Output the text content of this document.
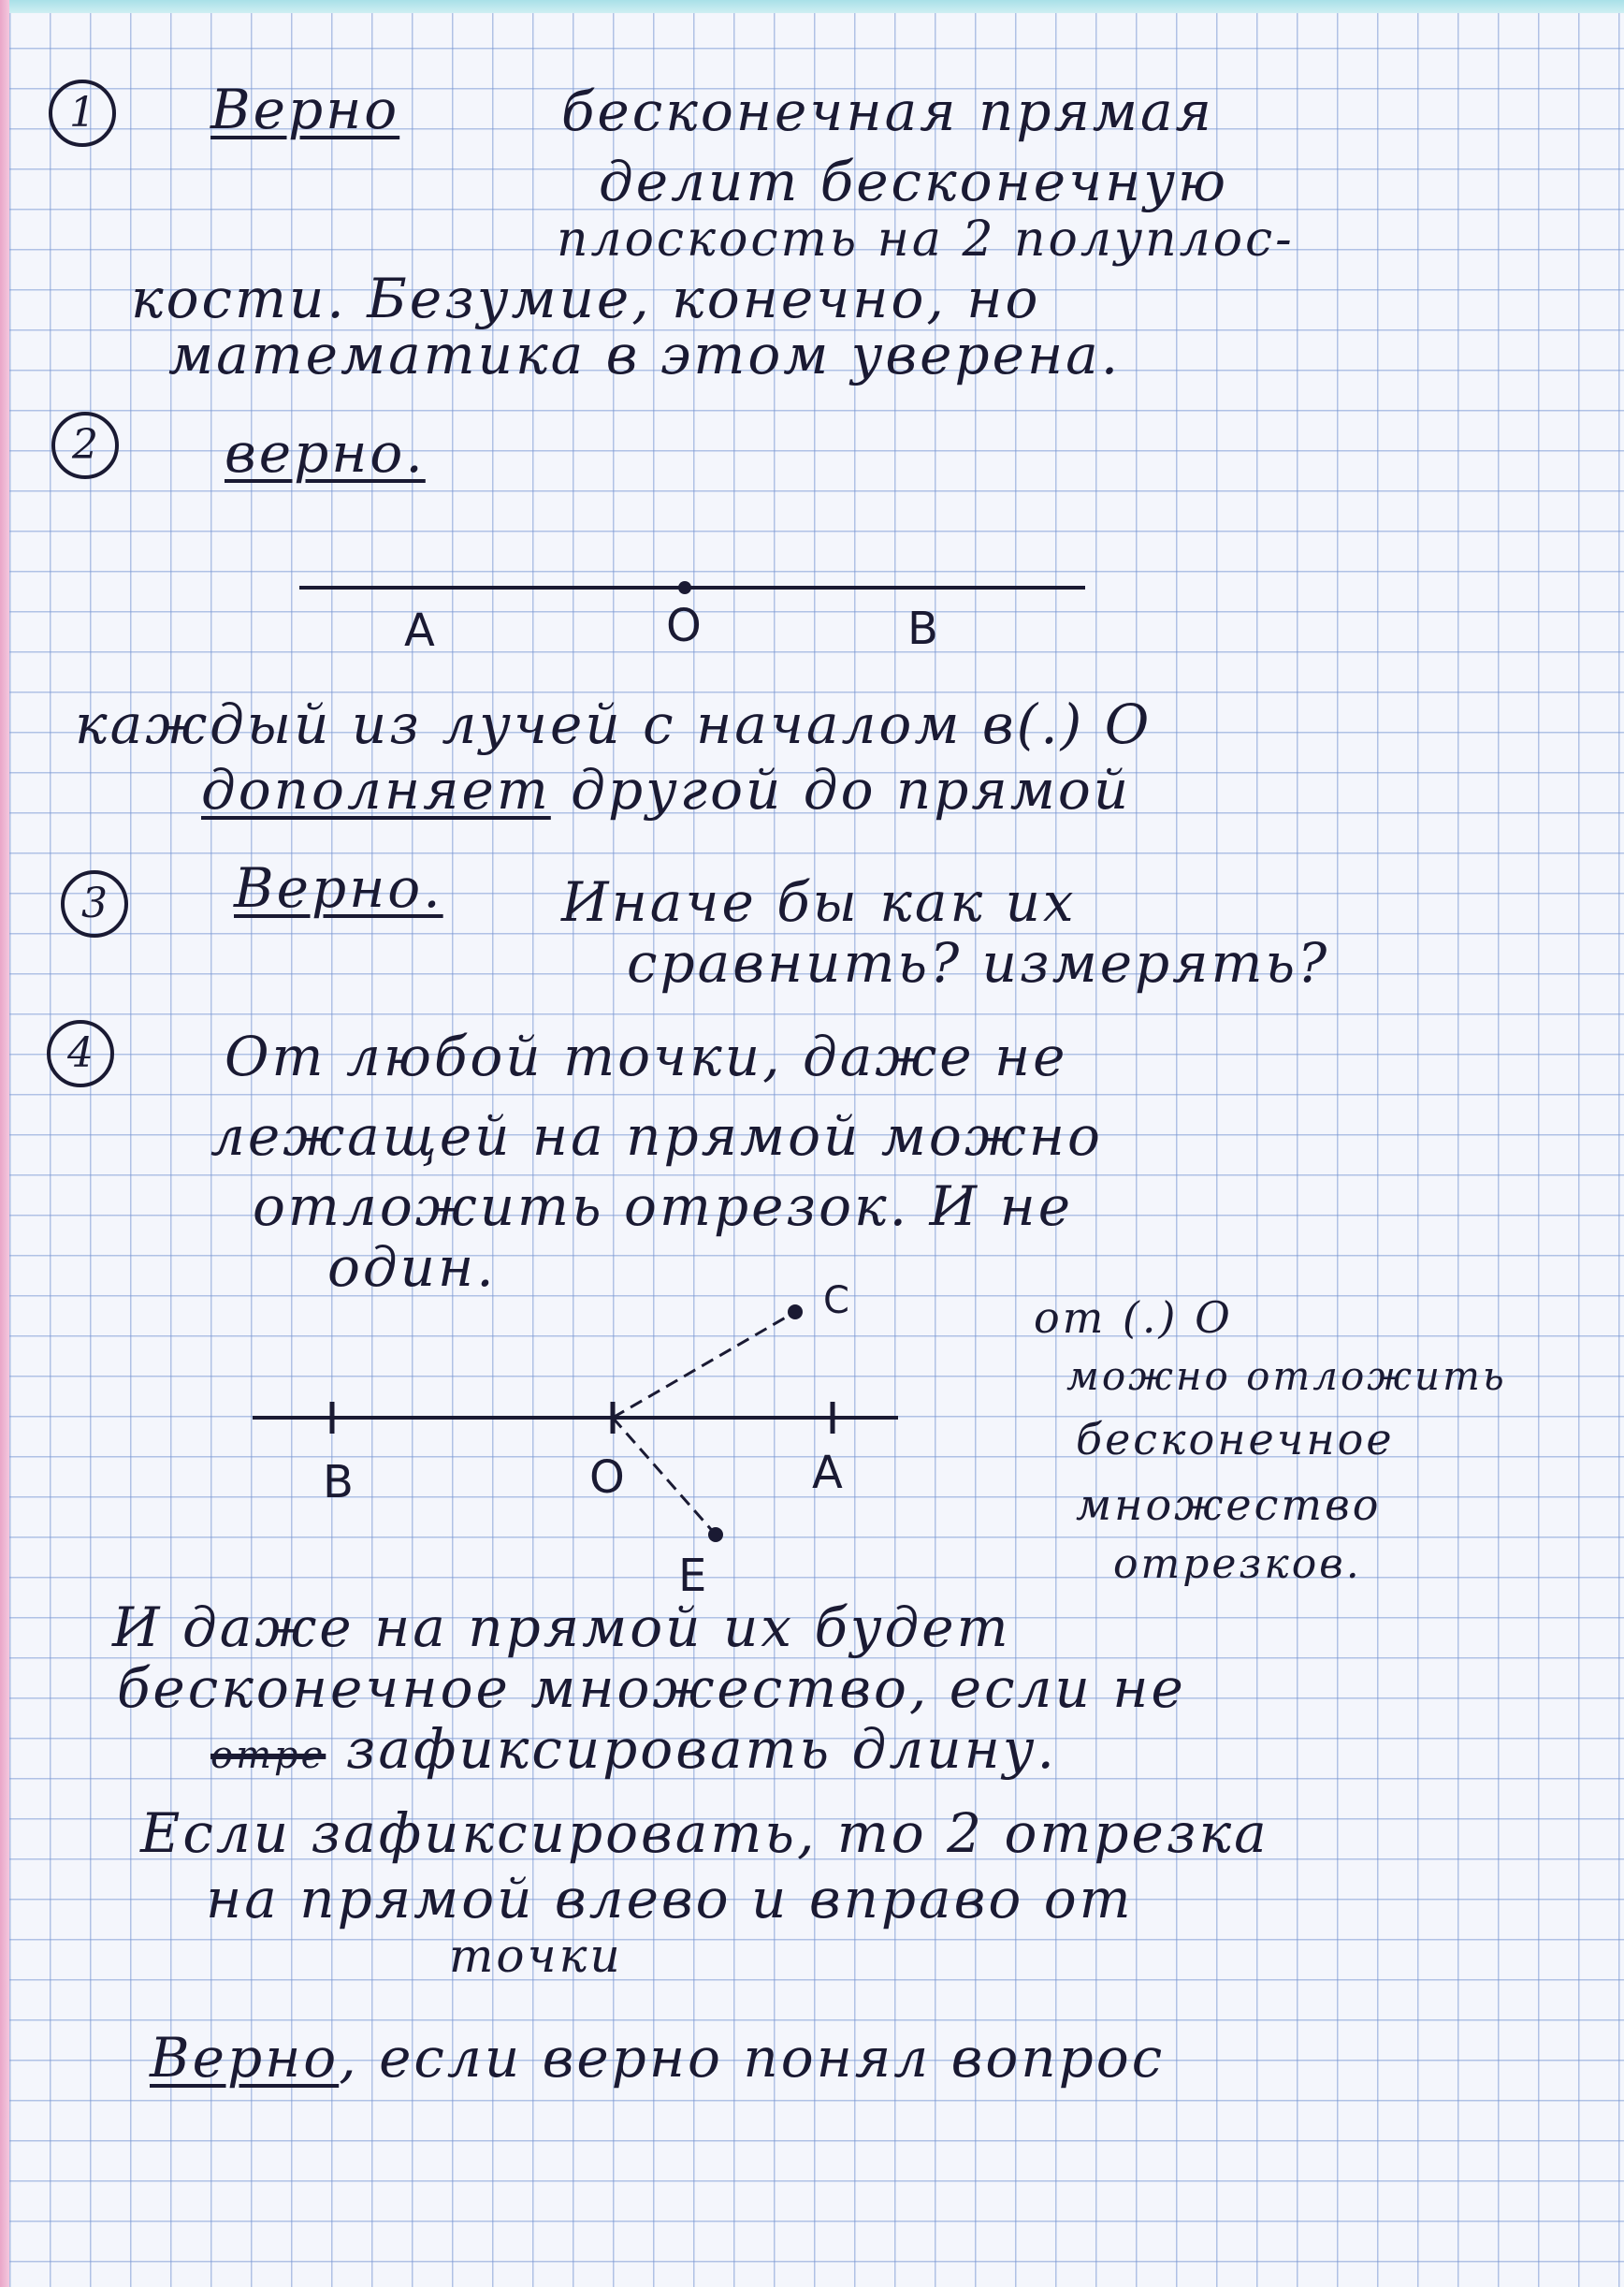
1	Верно	бесконечная прямая

делит бесконечную

плоскость на 2 полуплос-

кости. Безумие, конечно, но

математика в этом уверена.

2	верно.

A	O	B

каждый из лучей с началом в(.) О

дополняет другой до прямой

3	Верно. Иначе бы как их

сравнить? измерять?

4	От любой точки, даже не

лежащей на прямой можно

отложить отрезок. И не

один.

B	O	A

C

E

от (.) О

можно отложить

бесконечное

множество

отрезков.

И даже на прямой их будет

бесконечное множество, если не

отре зафиксировать длину.

Если зафиксировать, то 2 отрезка

на прямой влево и вправо от

точки

Верно, если верно понял вопрос
